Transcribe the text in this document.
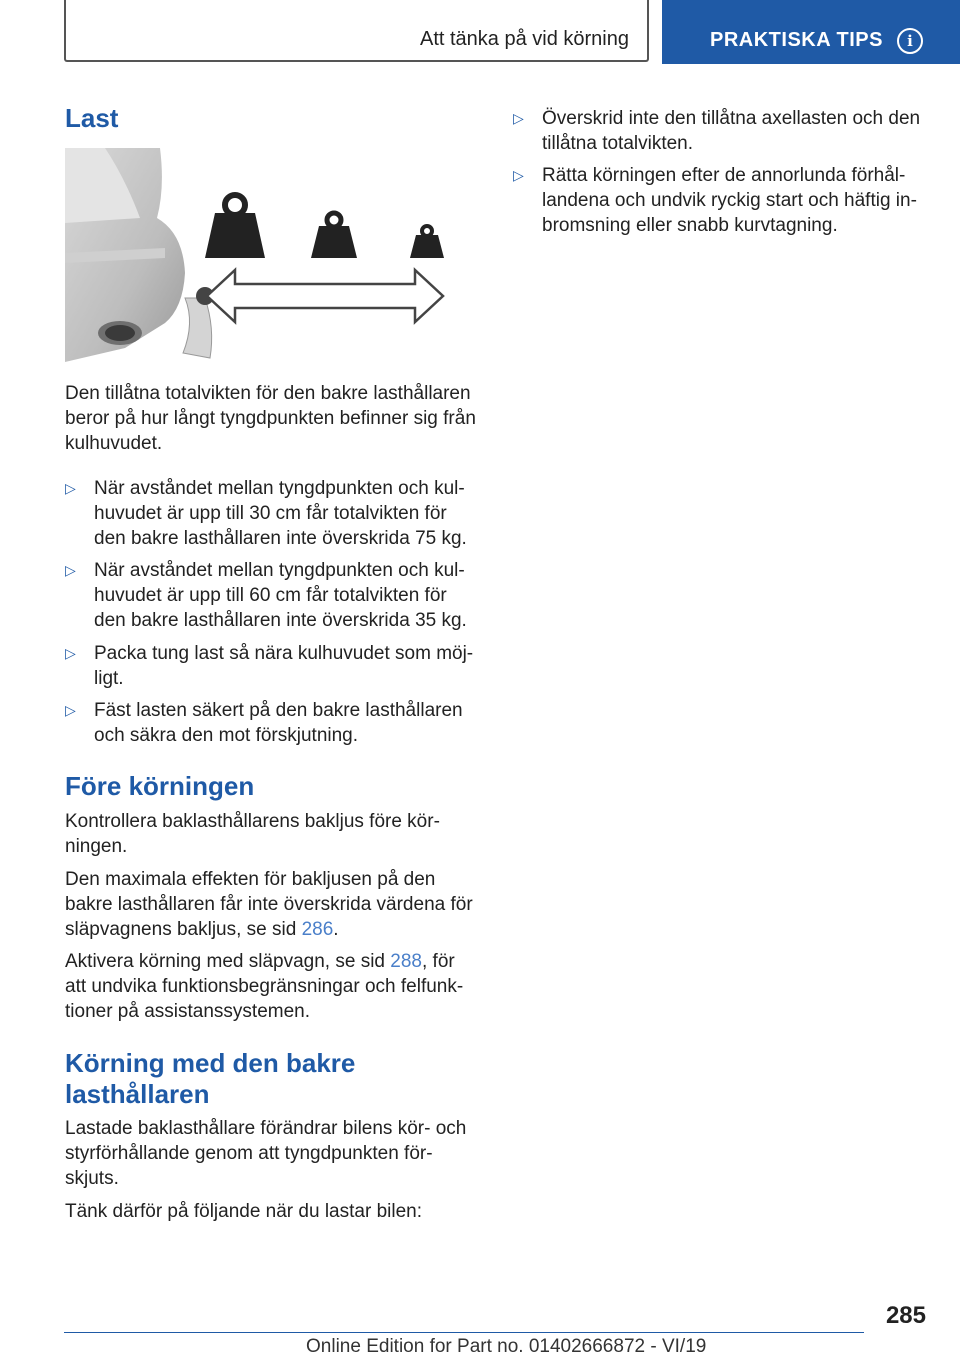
Att tänka på vid körning	PRAKTISKA TIPS	i
Last
Den tillåtna totalvikten för den bakre lasthållaren
beror på hur långt tyngdpunkten befinner sig från
kulhuvudet.
▷ När avståndet mellan tyngdpunkten och kul-
huvudet är upp till 30 cm får totalvikten för
den bakre lasthållaren inte överskrida 75 kg.
▷ När avståndet mellan tyngdpunkten och kul-
huvudet är upp till 60 cm får totalvikten för
den bakre lasthållaren inte överskrida 35 kg.
▷ Packa tung last så nära kulhuvudet som möj-
ligt.
▷ Fäst lasten säkert på den bakre lasthållaren
och säkra den mot förskjutning.
Före körningen
Kontrollera baklasthållarens bakljus före kör-
ningen.
Den maximala effekten för bakljusen på den
bakre lasthållaren får inte överskrida värdena för
släpvagnens bakljus, se sid 286.
Aktivera körning med släpvagn, se sid 288, för
att undvika funktionsbegränsningar och felfunk-
tioner på assistanssystemen.
Körning med den bakre
lasthållaren
Lastade baklasthållare förändrar bilens kör- och
styrförhållande genom att tyngdpunkten för-
skjuts.
Tänk därför på följande när du lastar bilen:
▷ Överskrid inte den tillåtna axellasten och den
tillåtna totalvikten.
▷ Rätta körningen efter de annorlunda förhål-
landena och undvik ryckig start och häftig in-
bromsning eller snabb kurvtagning.
285
Online Edition for Part no. 01402666872 - VI/19
